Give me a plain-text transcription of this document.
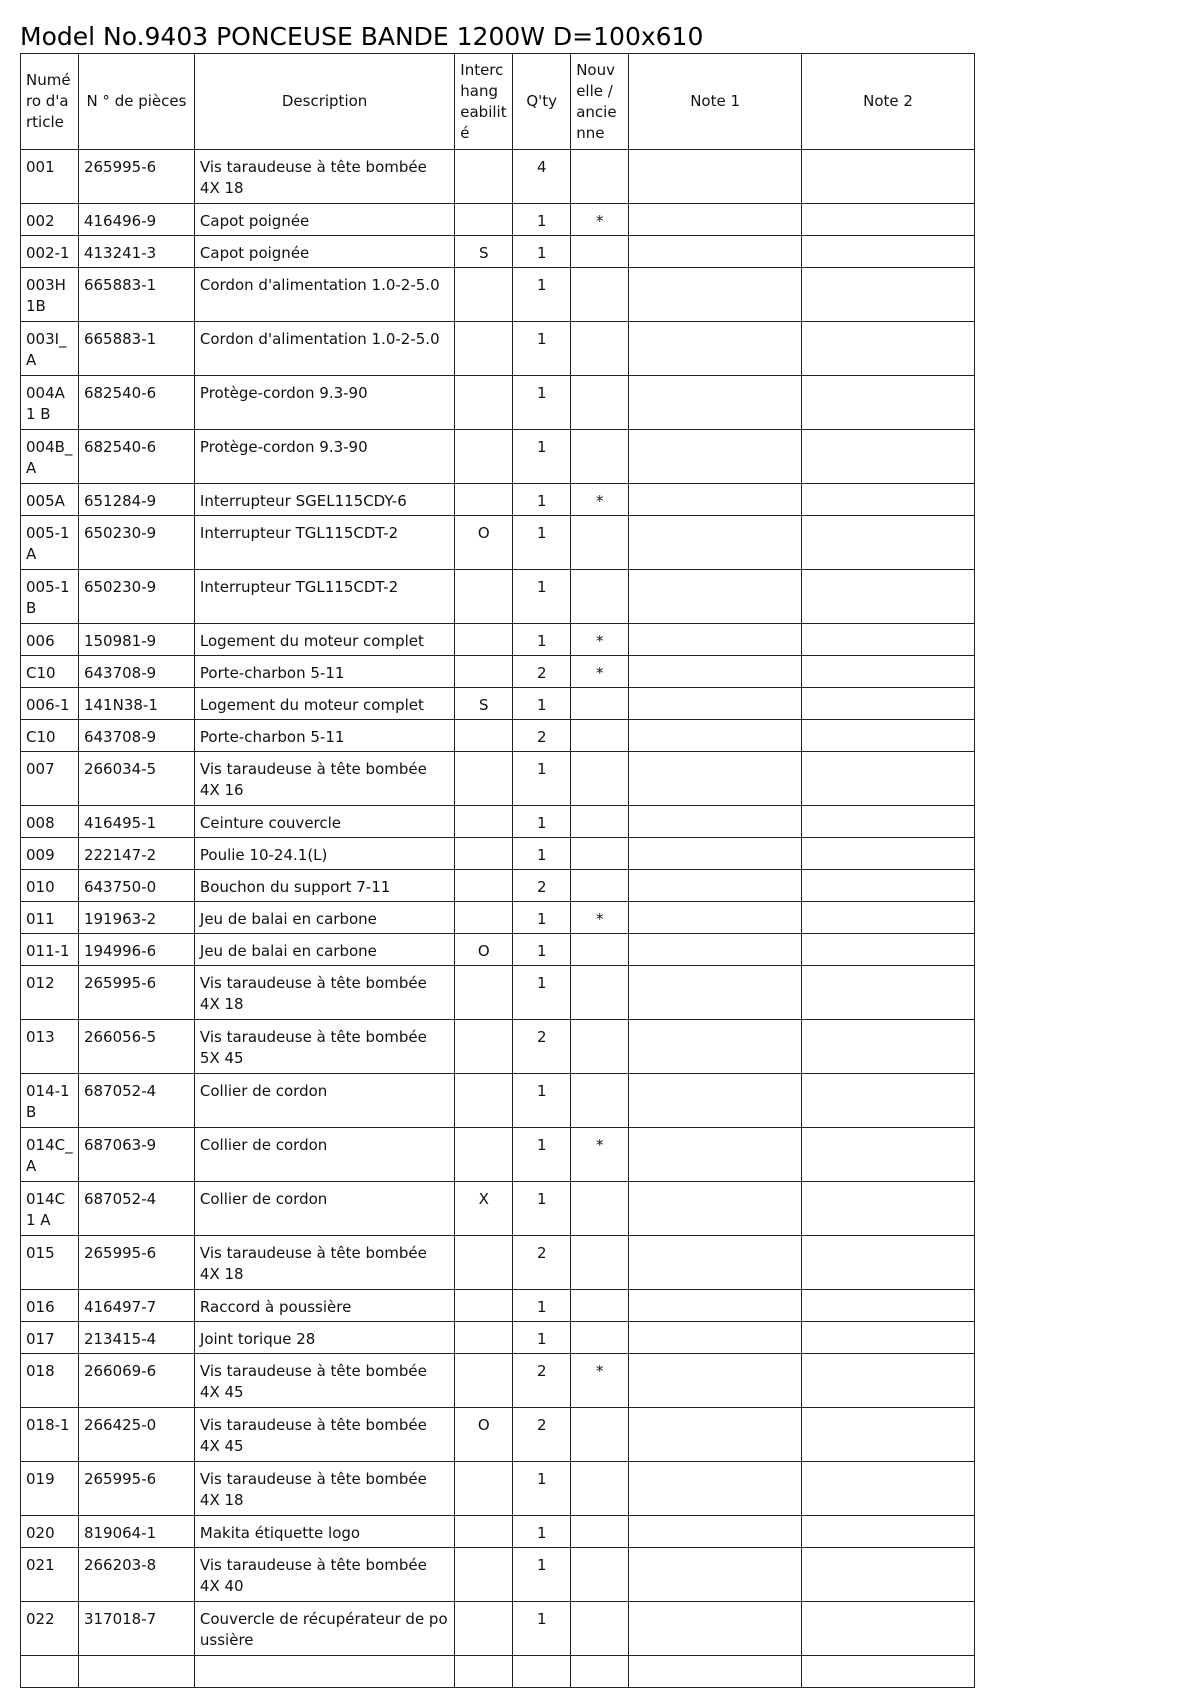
Model No.9403 PONCEUSE BANDE 1200W D=100x610
Numé ro d'a rticle	N ° de pièces	Description	Interc hang eabilit é	Q'ty	Nouv elle / ancie nne	Note 1	Note 2
001	265995-6	Vis taraudeuse à tête bombée 4X 18		4			
002	416496-9	Capot poignée		1	*		
002-1	413241-3	Capot poignée	S	1			
003H 1B	665883-1	Cordon d'alimentation 1.0-2-5.0		1			
003I_ A	665883-1	Cordon d'alimentation 1.0-2-5.0		1			
004A1 B	682540-6	Protège-cordon 9.3-90		1			
004B_ A	682540-6	Protège-cordon 9.3-90		1			
005A	651284-9	Interrupteur SGEL115CDY-6		1	*		
005-1 A	650230-9	Interrupteur TGL115CDT-2	O	1			
005-1 B	650230-9	Interrupteur TGL115CDT-2		1			
006	150981-9	Logement du moteur complet		1	*		
C10	643708-9	Porte-charbon 5-11		2	*		
006-1	141N38-1	Logement du moteur complet	S	1			
C10	643708-9	Porte-charbon 5-11		2			
007	266034-5	Vis taraudeuse à tête bombée 4X 16		1			
008	416495-1	Ceinture couvercle		1			
009	222147-2	Poulie 10-24.1(L)		1			
010	643750-0	Bouchon du support 7-11		2			
011	191963-2	Jeu de balai en carbone		1	*		
011-1	194996-6	Jeu de balai en carbone	O	1			
012	265995-6	Vis taraudeuse à tête bombée 4X 18		1			
013	266056-5	Vis taraudeuse à tête bombée 5X 45		2			
014-1 B	687052-4	Collier de cordon		1			
014C_ A	687063-9	Collier de cordon		1	*		
014C1 A	687052-4	Collier de cordon	X	1			
015	265995-6	Vis taraudeuse à tête bombée 4X 18		2			
016	416497-7	Raccord à poussière		1			
017	213415-4	Joint torique 28		1			
018	266069-6	Vis taraudeuse à tête bombée 4X 45		2	*		
018-1	266425-0	Vis taraudeuse à tête bombée 4X 45	O	2			
019	265995-6	Vis taraudeuse à tête bombée 4X 18		1			
020	819064-1	Makita étiquette logo		1			
021	266203-8	Vis taraudeuse à tête bombée 4X 40		1			
022	317018-7	Couvercle de récupérateur de po ussière		1			
